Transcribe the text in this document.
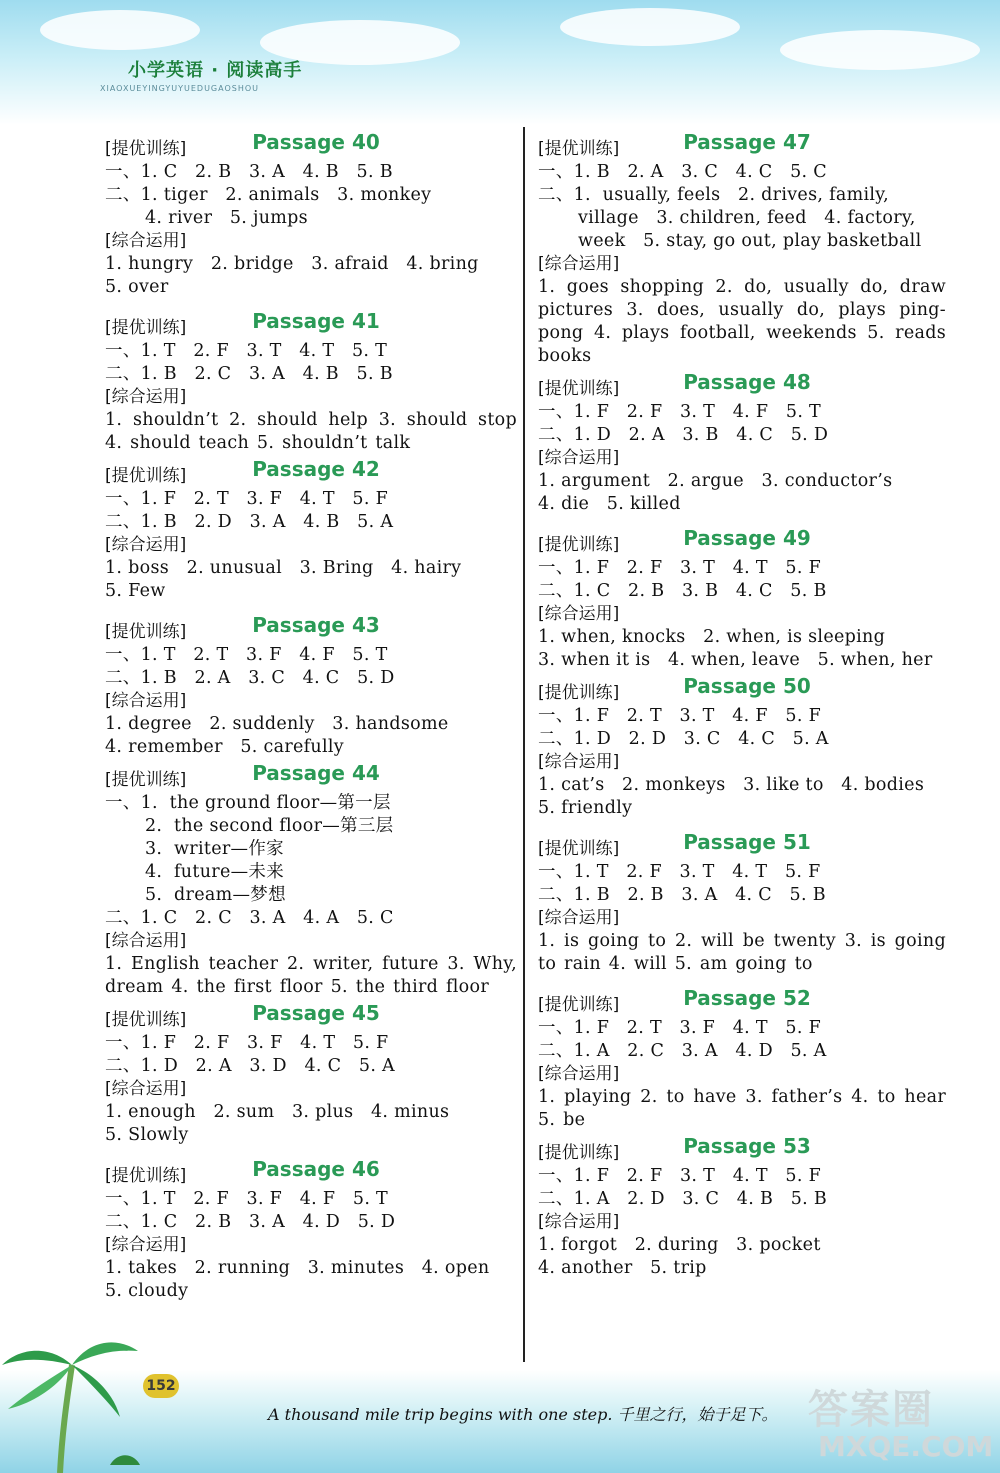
小学英语 · 阅读高手
XIAOXUEYINGYUYUEDUGAOSHOU
Passage 40
[提优训练]
一、1. C   2. B   3. A   4. B   5. B
二、1. tiger   2. animals   3. monkey
4. river   5. jumps
[综合运用]
1. hungry   2. bridge   3. afraid   4. bring
5. over
Passage 41
[提优训练]
一、1. T   2. F   3. T   4. T   5. T
二、1. B   2. C   3. A   4. B   5. B
[综合运用]
1. shouldn’t 2. should help 3. should stop 4. should teach 5. shouldn’t talk
Passage 42
[提优训练]
一、1. F   2. T   3. F   4. T   5. F
二、1. B   2. D   3. A   4. B   5. A
[综合运用]
1. boss   2. unusual   3. Bring   4. hairy
5. Few
Passage 43
[提优训练]
一、1. T   2. T   3. F   4. F   5. T
二、1. B   2. A   3. C   4. C   5. D
[综合运用]
1. degree   2. suddenly   3. handsome
4. remember   5. carefully
Passage 44
[提优训练]
一、1.  the ground floor—第一层
2.  the second floor—第三层
3.  writer—作家
4.  future—未来
5.  dream—梦想
二、1. C   2. C   3. A   4. A   5. C
[综合运用]
1. English teacher 2. writer, future 3. Why, dream 4. the first floor 5. the third floor
Passage 45
[提优训练]
一、1. F   2. F   3. F   4. T   5. F
二、1. D   2. A   3. D   4. C   5. A
[综合运用]
1. enough   2. sum   3. plus   4. minus
5. Slowly
Passage 46
[提优训练]
一、1. T   2. F   3. F   4. F   5. T
二、1. C   2. B   3. A   4. D   5. D
[综合运用]
1. takes   2. running   3. minutes   4. open
5. cloudy
Passage 47
[提优训练]
一、1. B   2. A   3. C   4. C   5. C
二、1.  usually, feels   2. drives, family,
village   3. children, feed   4. factory,
week   5. stay, go out, play basketball
[综合运用]
1. goes shopping 2. do, usually do, draw pictures 3. does, usually do, plays ping-pong 4. plays football, weekends 5. reads books
Passage 48
[提优训练]
一、1. F   2. F   3. T   4. F   5. T
二、1. D   2. A   3. B   4. C   5. D
[综合运用]
1. argument   2. argue   3. conductor’s
4. die   5. killed
Passage 49
[提优训练]
一、1. F   2. F   3. T   4. T   5. F
二、1. C   2. B   3. B   4. C   5. B
[综合运用]
1. when, knocks   2. when, is sleeping
3. when it is   4. when, leave   5. when, her
Passage 50
[提优训练]
一、1. F   2. T   3. T   4. F   5. F
二、1. D   2. D   3. C   4. C   5. A
[综合运用]
1. cat’s   2. monkeys   3. like to   4. bodies
5. friendly
Passage 51
[提优训练]
一、1. T   2. F   3. T   4. T   5. F
二、1. B   2. B   3. A   4. C   5. B
[综合运用]
1. is going to 2. will be twenty 3. is going to rain 4. will 5. am going to
Passage 52
[提优训练]
一、1. F   2. T   3. F   4. T   5. F
二、1. A   2. C   3. A   4. D   5. A
[综合运用]
1. playing 2. to have 3. father’s 4. to hear 5. be
Passage 53
[提优训练]
一、1. F   2. F   3. T   4. T   5. F
二、1. A   2. D   3. C   4. B   5. B
[综合运用]
1. forgot   2. during   3. pocket
4. another   5. trip
152
A thousand mile trip begins with one step. 千里之行，始于足下。 答案圈
MXQE.COM
